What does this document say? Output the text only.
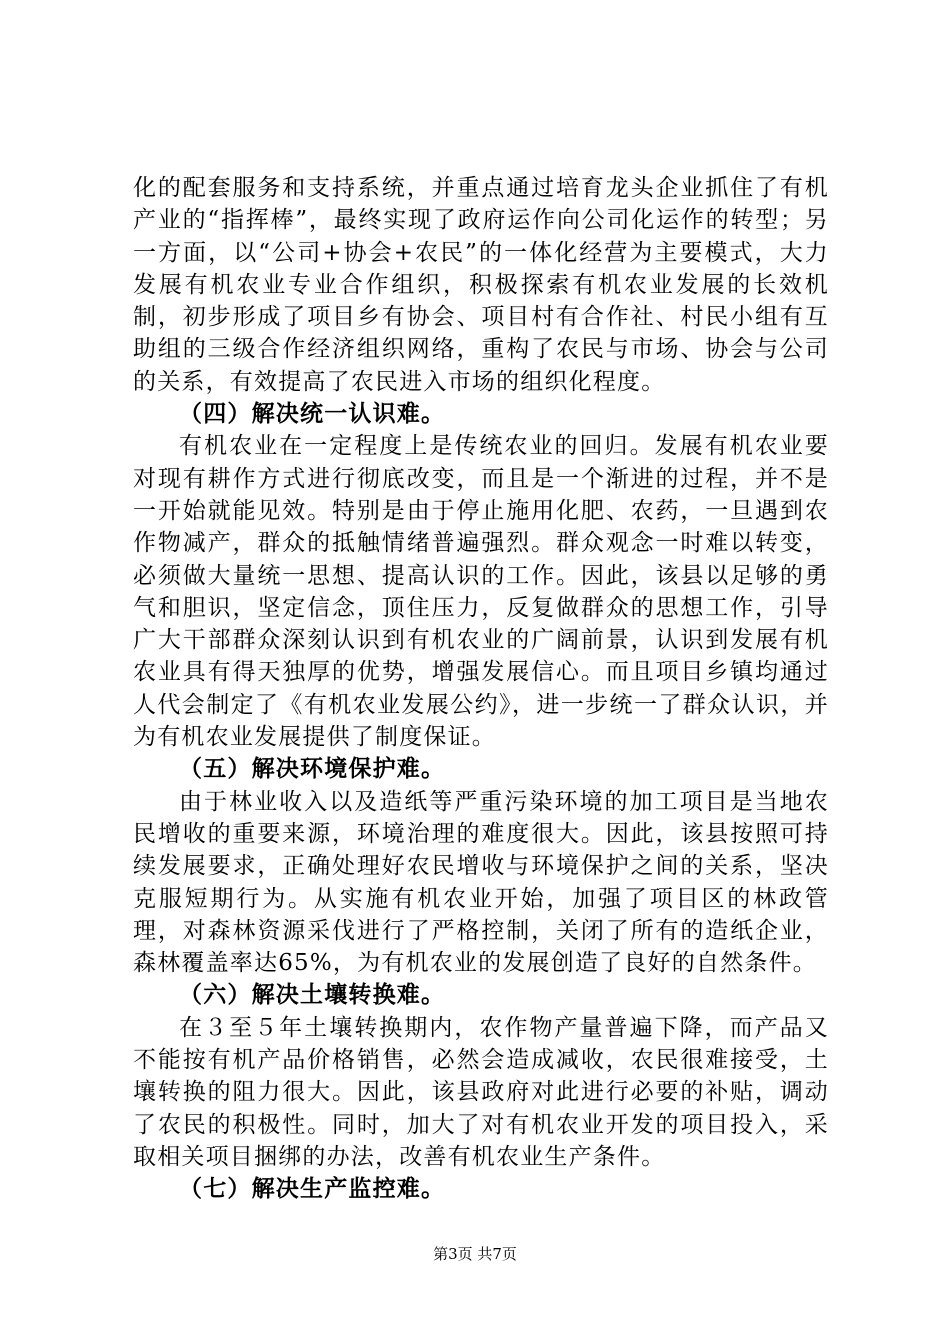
化的配套服务和支持系统，并重点通过培育龙头企业抓住了有机产业的“指挥棒”，最终实现了政府运作向公司化运作的转型；另一方面，以“公司+协会+农民”的一体化经营为主要模式，大力发展有机农业专业合作组织，积极探索有机农业发展的长效机制，初步形成了项目乡有协会、项目村有合作社、村民小组有互助组的三级合作经济组织网络，重构了农民与市场、协会与公司的关系，有效提高了农民进入市场的组织化程度。

（四）解决统一认识难。

有机农业在一定程度上是传统农业的回归。发展有机农业要对现有耕作方式进行彻底改变，而且是一个渐进的过程，并不是一开始就能见效。特别是由于停止施用化肥、农药，一旦遇到农作物减产，群众的抵触情绪普遍强烈。群众观念一时难以转变，必须做大量统一思想、提高认识的工作。因此，该县以足够的勇气和胆识，坚定信念，顶住压力，反复做群众的思想工作，引导广大干部群众深刻认识到有机农业的广阔前景，认识到发展有机农业具有得天独厚的优势，增强发展信心。而且项目乡镇均通过人代会制定了《有机农业发展公约》，进一步统一了群众认识，并为有机农业发展提供了制度保证。

（五）解决环境保护难。

由于林业收入以及造纸等严重污染环境的加工项目是当地农民增收的重要来源，环境治理的难度很大。因此，该县按照可持续发展要求，正确处理好农民增收与环境保护之间的关系，坚决克服短期行为。从实施有机农业开始，加强了项目区的林政管理，对森林资源采伐进行了严格控制，关闭了所有的造纸企业，森林覆盖率达65%，为有机农业的发展创造了良好的自然条件。

（六）解决土壤转换难。

在３至５年土壤转换期内，农作物产量普遍下降，而产品又不能按有机产品价格销售，必然会造成减收，农民很难接受，土壤转换的阻力很大。因此，该县政府对此进行必要的补贴，调动了农民的积极性。同时，加大了对有机农业开发的项目投入，采取相关项目捆绑的办法，改善有机农业生产条件。

（七）解决生产监控难。

第3页 共7页
